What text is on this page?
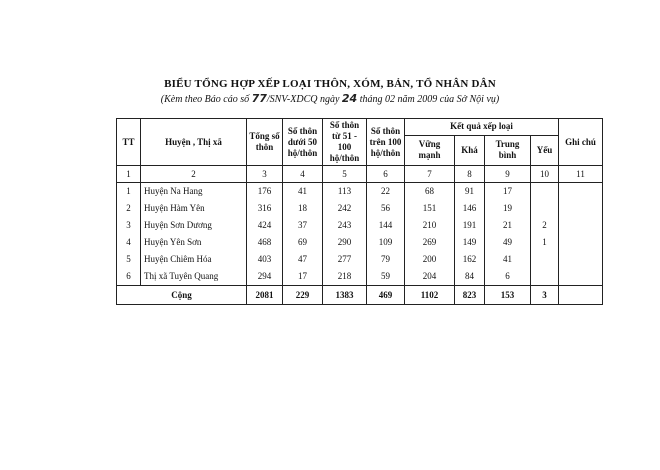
BIỂU TỔNG HỢP XẾP LOẠI THÔN, XÓM, BẢN, TỔ NHÂN DÂN
(Kèm theo Báo cáo số 77/SNV-XDCQ ngày 24 tháng 02 năm 2009 của Sở Nội vụ)
TT	Huyện , Thị xã	Tổng số thôn	Số thôn dưới 50 hộ/thôn	Số thôn từ 51 - 100 hộ/thôn	Số thôn trên 100 hộ/thôn	Kết quả xếp loại				Ghi chú
						Vững mạnh	Khá	Trung bình	Yếu	
1	2	3	4	5	6	7	8	9	10	11
1	Huyện Na Hang	176	41	113	22	68	91	17		
2	Huyện Hàm Yên	316	18	242	56	151	146	19		
3	Huyện Sơn Dương	424	37	243	144	210	191	21	2	
4	Huyện Yên Sơn	468	69	290	109	269	149	49	1	
5	Huyện Chiêm Hóa	403	47	277	79	200	162	41		
6	Thị xã Tuyên Quang	294	17	218	59	204	84	6		
Cộng		2081	229	1383	469	1102	823	153	3	
